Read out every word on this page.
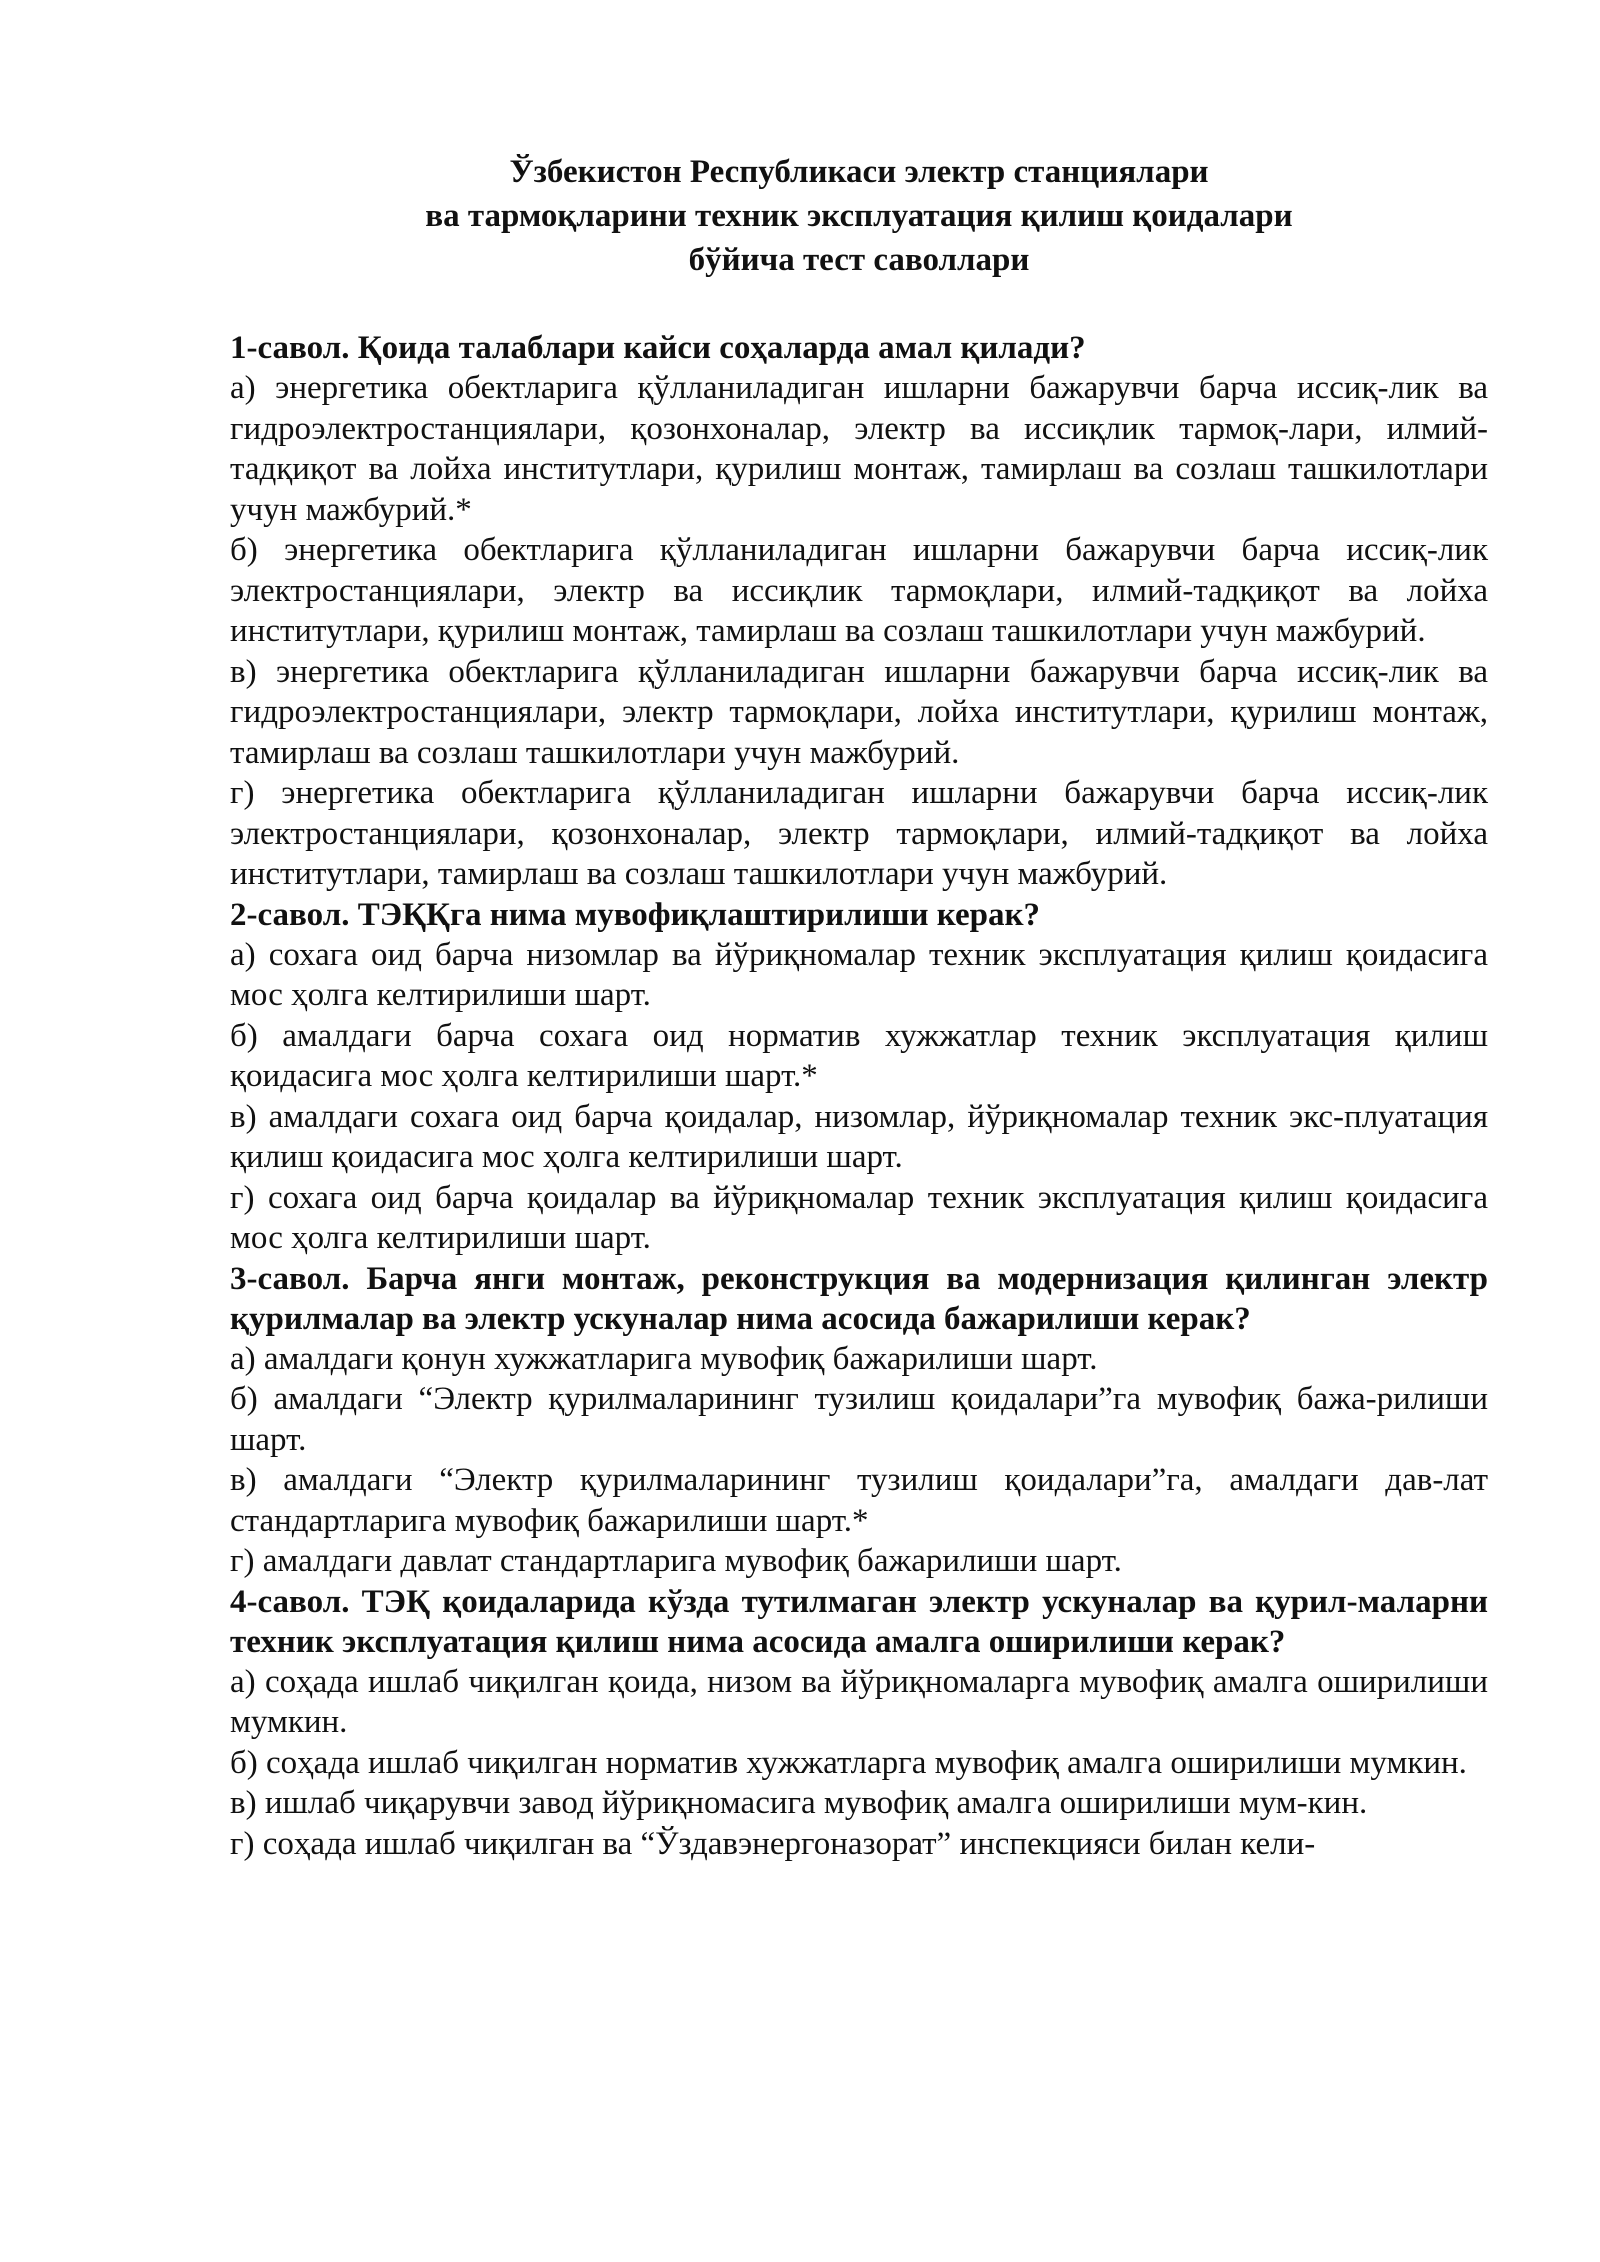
Ўзбекистон Республикаси электр станциялари
ва тармоқларини техник эксплуатация қилиш қоидалари
бўйича тест саволлари

1-савол. Қоида талаблари кайси соҳаларда амал қилади?

а) энергетика обектларига қўлланиладиган ишларни бажарувчи барча иссиқ-лик ва гидроэлектростанциялари, қозонхоналар, электр ва иссиқлик тармоқ-лари, илмий-тадқиқот ва лойха институтлари, қурилиш монтаж, тамирлаш ва созлаш ташкилотлари учун мажбурий.*

б) энергетика обектларига қўлланиладиган ишларни бажарувчи барча иссиқ-лик электростанциялари, электр ва иссиқлик тармоқлари, илмий-тадқиқот ва лойха институтлари, қурилиш монтаж, тамирлаш ва созлаш ташкилотлари учун мажбурий.

в) энергетика обектларига қўлланиладиган ишларни бажарувчи барча иссиқ-лик ва гидроэлектростанциялари, электр тармоқлари, лойха институтлари, қурилиш монтаж, тамирлаш ва созлаш ташкилотлари учун мажбурий.

г) энергетика обектларига қўлланиладиган ишларни бажарувчи барча иссиқ-лик электростанциялари, қозонхоналар, электр тармоқлари, илмий-тадқиқот ва лойха институтлари, тамирлаш ва созлаш ташкилотлари учун мажбурий.

2-савол. ТЭҚҚга нима мувофиқлаштирилиши керак?

а) сохага оид барча низомлар ва йўриқномалар техник эксплуатация қилиш қоидасига мос ҳолга келтирилиши шарт.

б) амалдаги барча сохага оид норматив хужжатлар техник эксплуатация қилиш қоидасига мос ҳолга келтирилиши шарт.*

в) амалдаги сохага оид барча қоидалар, низомлар, йўриқномалар техник экс-плуатация қилиш қоидасига мос ҳолга келтирилиши шарт.

г) сохага оид барча қоидалар ва йўриқномалар техник эксплуатация қилиш қоидасига мос ҳолга келтирилиши шарт.

3-савол. Барча янги монтаж, реконструкция ва модернизация қилинган электр қурилмалар ва электр ускуналар нима асосида бажарилиши керак?

а) амалдаги қонун хужжатларига мувофиқ бажарилиши шарт.

б) амалдаги “Электр қурилмаларининг тузилиш қоидалари”га мувофиқ бажа-рилиши шарт.

в) амалдаги “Электр қурилмаларининг тузилиш қоидалари”га, амалдаги дав-лат стандартларига мувофиқ бажарилиши шарт.*

г) амалдаги давлат стандартларига мувофиқ бажарилиши шарт.

4-савол. ТЭҚ қоидаларида кўзда тутилмаган электр ускуналар ва қурил-маларни техник эксплуатация қилиш нима асосида амалга оширилиши керак?

а) соҳада ишлаб чиқилган қоида, низом ва йўриқномаларга мувофиқ амалга оширилиши мумкин.

б) соҳада ишлаб чиқилган норматив хужжатларга мувофиқ амалга оширилиши мумкин.

в) ишлаб чиқарувчи завод йўриқномасига мувофиқ амалга оширилиши мум-кин.

г) соҳада ишлаб чиқилган ва “Ўздавэнергоназорат” инспекцияси билан кели-
